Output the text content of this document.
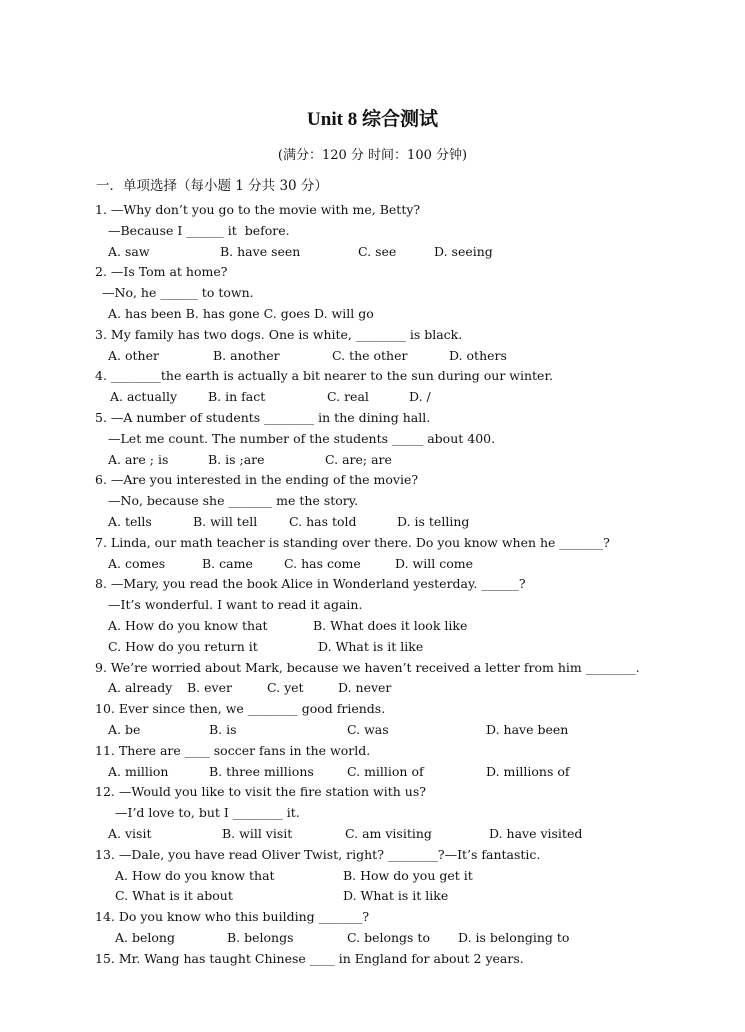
Unit 8 综合测试
(满分：120 分 时间：100 分钟)
一．单项选择（每小题 1 分共 30 分）
1. —Why don’t you go to the movie with me, Betty?
—Because I ______ it  before.
A. saw	B. have seen	C. see	D. seeing
2. —Is Tom at home?
—No, he ______ to town.
A. has been B. has gone C. goes D. will go
3. My family has two dogs. One is white, ________ is black.
A. other	B. another	C. the other	D. others
4. ________the earth is actually a bit nearer to the sun during our winter.
A. actually B. in fact	C. real	D. /
5. —A number of students ________ in the dining hall.
—Let me count. The number of the students _____ about 400.
A. are ; is	B. is ;are	C. are; are
6. —Are you interested in the ending of the movie?
—No, because she _______ me the story.
A. tells	B. will tell	C. has told	D. is telling
7. Linda, our math teacher is standing over there. Do you know when he _______?
A. comes	B. came C. has come	D. will come
8. —Mary, you read the book Alice in Wonderland yesterday. ______?
—It’s wonderful. I want to read it again.
A. How do you know that	B. What does it look like
C. How do you return it	D. What is it like
9. We’re worried about Mark, because we haven’t received a letter from him ________.
A. already B. ever	C. yet	D. never
10. Ever since then, we ________ good friends.
A. be	B. is	C. was	D. have been
11. There are ____ soccer fans in the world.
A. million	B. three millions	C. million of	D. millions of
12. —Would you like to visit the fire station with us?
—I’d love to, but I ________ it.
A. visit	B. will visit	C. am visiting	D. have visited
13. —Dale, you have read Oliver Twist, right? ________?—It’s fantastic.
A. How do you know that	B. How do you get it
C. What is it about	D. What is it like
14. Do you know who this building _______?
A. belong	B. belongs	C. belongs to D. is belonging to
15. Mr. Wang has taught Chinese ____ in England for about 2 years.
